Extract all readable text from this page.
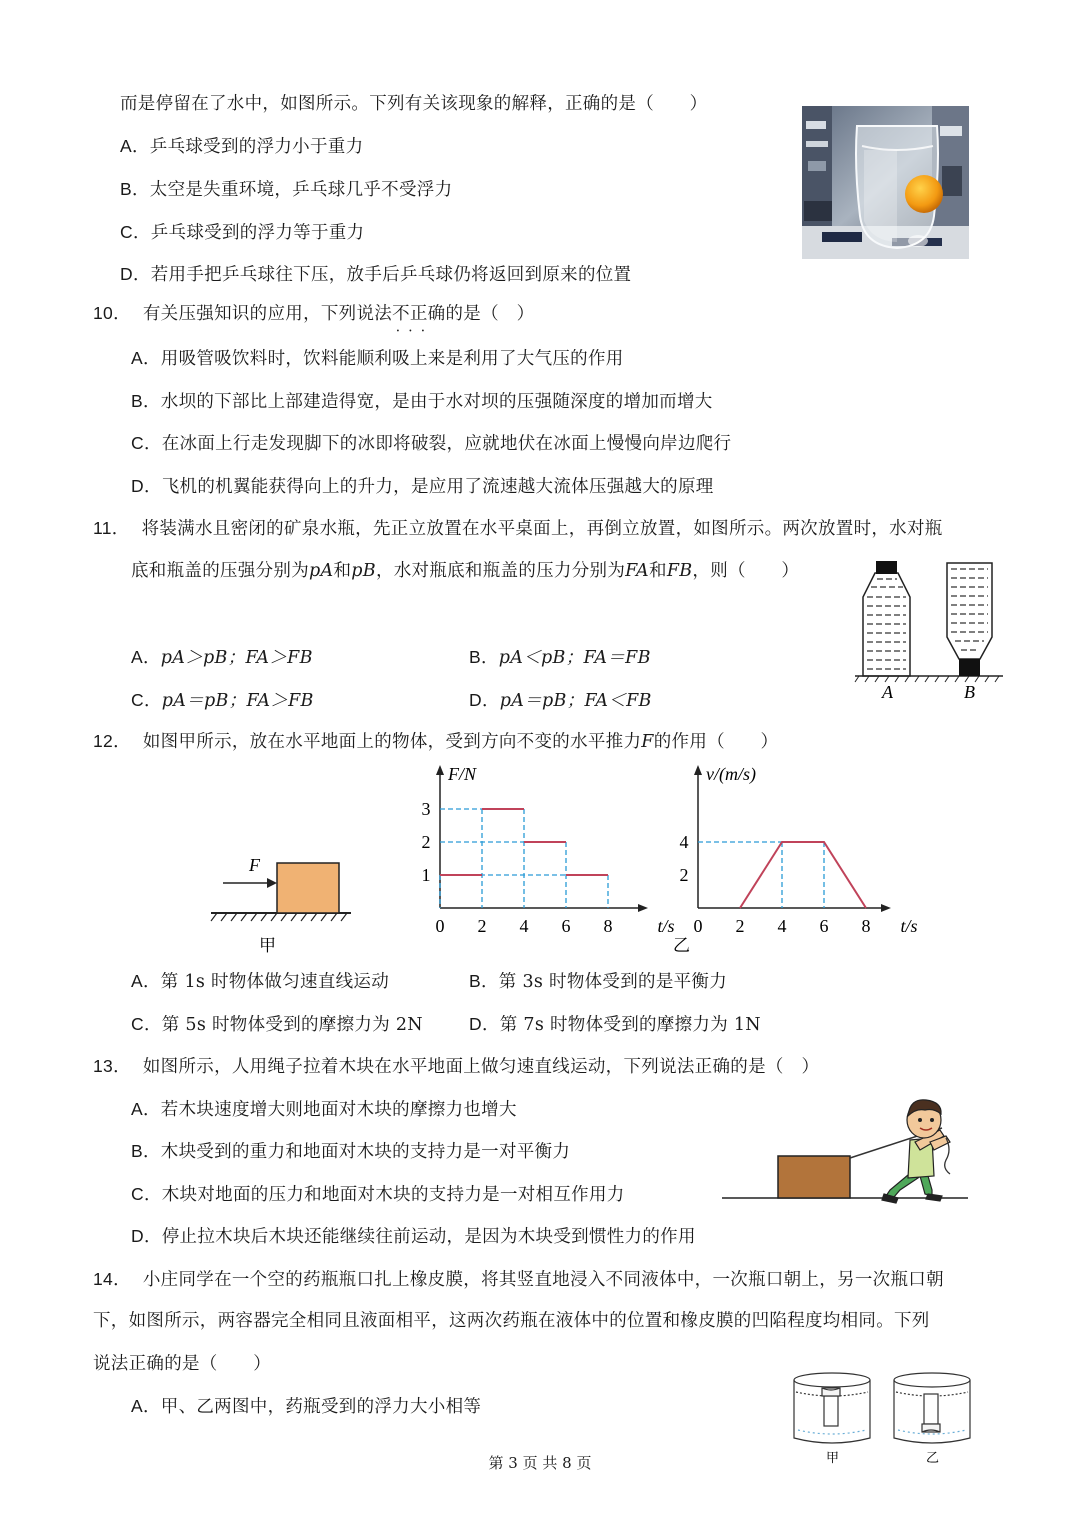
而是停留在了水中，如图所示。下列有关该现象的解释，正确的是（　　）
A．乒乓球受到的浮力小于重力
B．太空是失重环境，乒乓球几乎不受浮力
C．乒乓球受到的浮力等于重力
D．若用手把乒乓球往下压，放手后乒乓球仍将返回到原来的位置
10． 有关压强知识的应用，下列说法不正确 • • •的是（　）
A．用吸管吸饮料时，饮料能顺利吸上来是利用了大气压的作用
B．水坝的下部比上部建造得宽，是由于水对坝的压强随深度的增加而增大
C．在冰面上行走发现脚下的冰即将破裂，应就地伏在冰面上慢慢向岸边爬行
D．飞机的机翼能获得向上的升力，是应用了流速越大流体压强越大的原理
11． 将装满水且密闭的矿泉水瓶，先正立放置在水平桌面上，再倒立放置，如图所示。两次放置时，水对瓶
底和瓶盖的压强分别为pA和pB，水对瓶底和瓶盖的压力分别为FA和FB，则（　　）
A．pA＞pB；FA＞FB	B．pA＜pB；FA＝FB
C．pA＝pB；FA＞FB	D．pA＝pB；FA＜FB	A	B
12． 如图甲所示，放在水平地面上的物体，受到方向不变的水平推力F的作用（　　）
F
甲
0 2 4 6 8
1
2
3
t/s
F/N
0 2 4 6 8
2
4
t/s
v/(m/s)
乙
A．第 1s 时物体做匀速直线运动	B．第 3s 时物体受到的是平衡力
C．第 5s 时物体受到的摩擦力为 2N	D．第 7s 时物体受到的摩擦力为 1N
13． 如图所示，人用绳子拉着木块在水平地面上做匀速直线运动，下列说法正确的是（　）
A．若木块速度增大则地面对木块的摩擦力也增大
B．木块受到的重力和地面对木块的支持力是一对平衡力
C．木块对地面的压力和地面对木块的支持力是一对相互作用力
D．停止拉木块后木块还能继续往前运动，是因为木块受到惯性力的作用
14． 小庄同学在一个空的药瓶瓶口扎上橡皮膜，将其竖直地浸入不同液体中，一次瓶口朝上，另一次瓶口朝
下，如图所示，两容器完全相同且液面相平，这两次药瓶在液体中的位置和橡皮膜的凹陷程度均相同。下列
说法正确的是（　　）
A．甲、乙两图中，药瓶受到的浮力大小相等
甲	乙
第 3 页 共 8 页
